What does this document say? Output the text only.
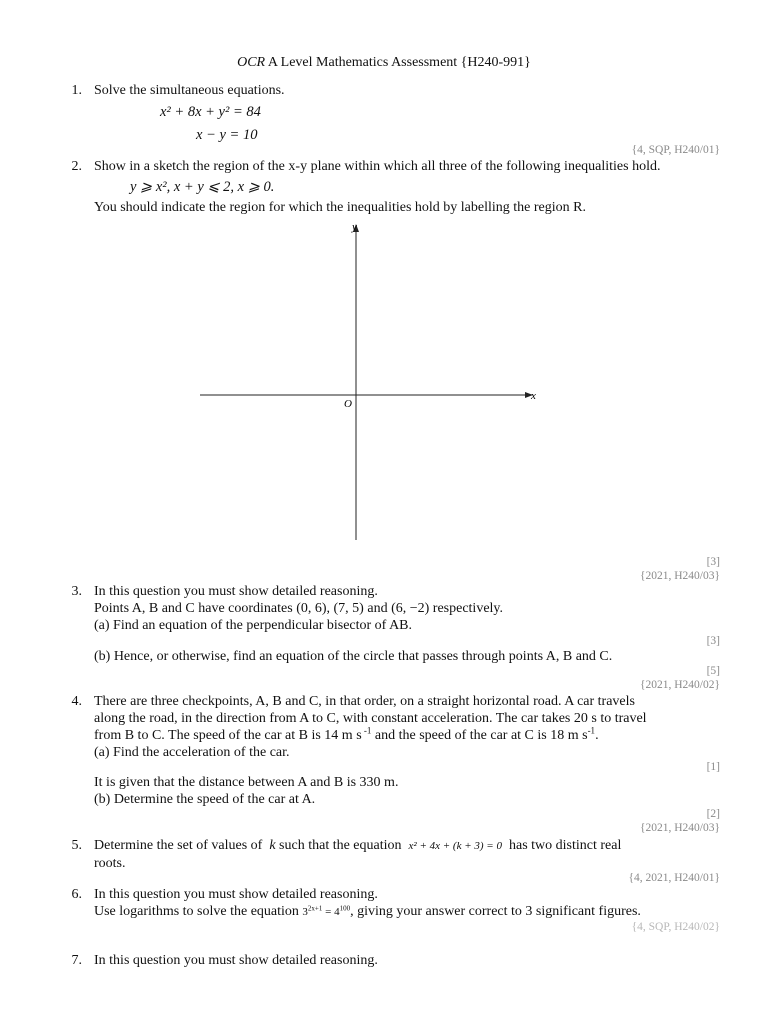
OCR A Level Mathematics Assessment {H240-991}
1. Solve the simultaneous equations.
x² + 8x + y² = 84
x − y = 10
{4, SQP, H240/01}
2. Show in a sketch the region of the x-y plane within which all three of the following inequalities hold.
y ⩾ x², x + y ⩽ 2, x ⩾ 0.
You should indicate the region for which the inequalities hold by labelling the region R.
y
x
O
[3]
{2021, H240/03}
3. In this question you must show detailed reasoning.
Points A, B and C have coordinates (0, 6), (7, 5) and (6, −2) respectively.
(a) Find an equation of the perpendicular bisector of AB.
[3]
(b) Hence, or otherwise, find an equation of the circle that passes through points A, B and C.
[5]
{2021, H240/02}
4. There are three checkpoints, A, B and C, in that order, on a straight horizontal road. A car travels
along the road, in the direction from A to C, with constant acceleration. The car takes 20 s to travel
from B to C. The speed of the car at B is 14 m s $^{-1}$ and the speed of the car at C is 18 m $s^{-1}$.
(a) Find the acceleration of the car.
[1]
It is given that the distance between A and B is 330 m.
(b) Determine the speed of the car at A.
[2]
{2021, H240/03}
5. Determine the set of values of k such that the equation x² + 4x + (k + 3) = 0 has two distinct real
roots.
{4, 2021, H240/01}
6. In this question you must show detailed reasoning.
Use logarithms to solve the equation $3^{2x+1} = 4^{100}$, giving your answer correct to 3 significant figures.
{4, SQP, H240/02}
7. In this question you must show detailed reasoning.
